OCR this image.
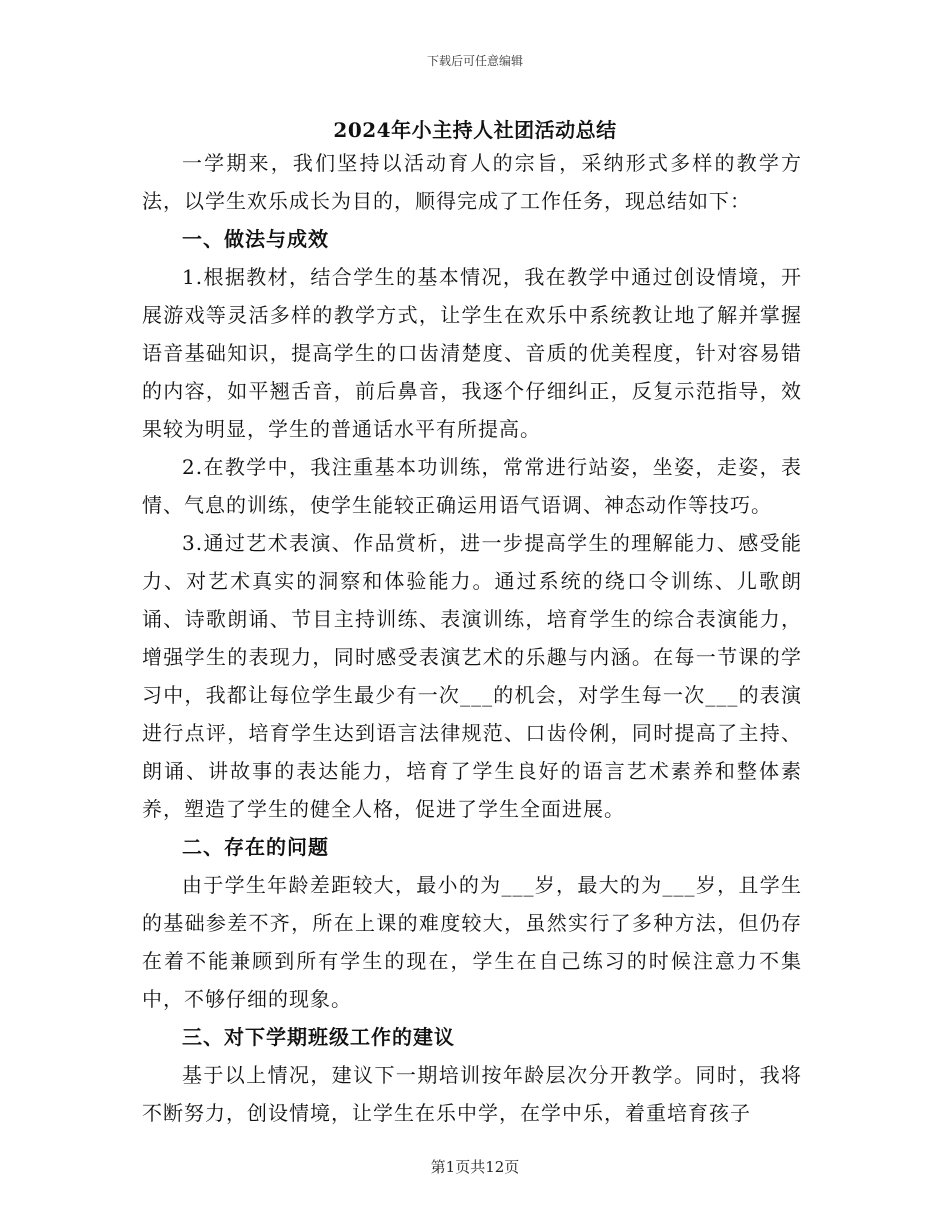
下载后可任意编辑
2024年小主持人社团活动总结

一学期来，我们坚持以活动育人的宗旨，采纳形式多样的教学方法，以学生欢乐成长为目的，顺得完成了工作任务，现总结如下：

一、做法与成效

1.根据教材，结合学生的基本情况，我在教学中通过创设情境，开展游戏等灵活多样的教学方式，让学生在欢乐中系统教让地了解并掌握语音基础知识，提高学生的口齿清楚度、音质的优美程度，针对容易错的内容，如平翘舌音，前后鼻音，我逐个仔细纠正，反复示范指导，效果较为明显，学生的普通话水平有所提高。

2.在教学中，我注重基本功训练，常常进行站姿，坐姿，走姿，表情、气息的训练，使学生能较正确运用语气语调、神态动作等技巧。

3.通过艺术表演、作品赏析，进一步提高学生的理解能力、感受能力、对艺术真实的洞察和体验能力。通过系统的绕口令训练、儿歌朗诵、诗歌朗诵、节目主持训练、表演训练，培育学生的综合表演能力，增强学生的表现力，同时感受表演艺术的乐趣与内涵。在每一节课的学习中，我都让每位学生最少有一次___的机会，对学生每一次___的表演进行点评，培育学生达到语言法律规范、口齿伶俐，同时提高了主持、朗诵、讲故事的表达能力，培育了学生良好的语言艺术素养和整体素养，塑造了学生的健全人格，促进了学生全面进展。

二、存在的问题

由于学生年龄差距较大，最小的为___岁，最大的为___岁，且学生的基础参差不齐，所在上课的难度较大，虽然实行了多种方法，但仍存在着不能兼顾到所有学生的现在，学生在自己练习的时候注意力不集中，不够仔细的现象。

三、对下学期班级工作的建议

基于以上情况，建议下一期培训按年龄层次分开教学。同时，我将不断努力，创设情境，让学生在乐中学，在学中乐，着重培育孩子

第1页共12页
